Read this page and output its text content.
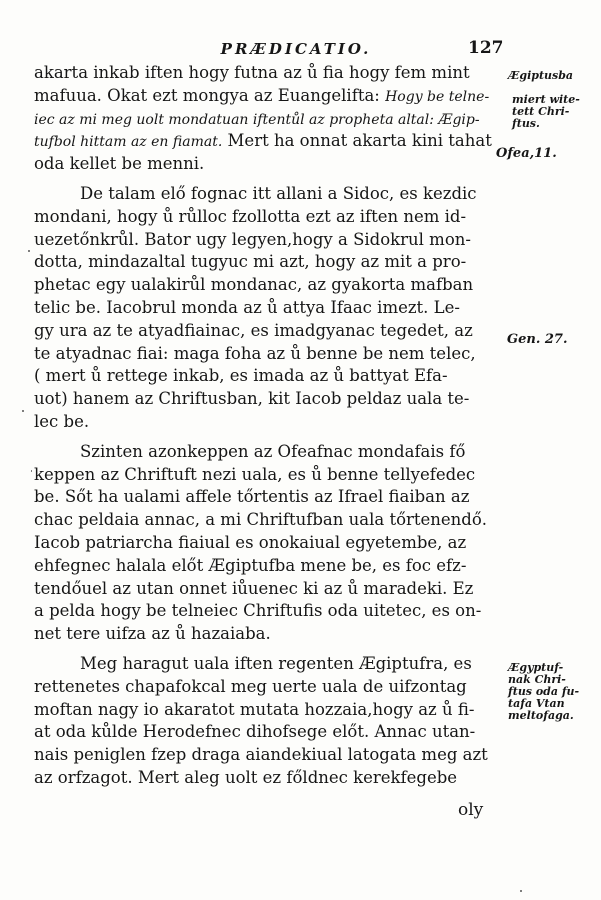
PRÆDICATIO.	127
akarta inkab iften hogy futna az ů fia hogy fem mint
mafuua. Okat ezt mongya az Euangelifta: Hogy be telne-
iec az mi meg uolt mondatuan iftentůl az propheta altal: Ægip-
tufbol hittam az en fiamat. Mert ha onnat akarta kini tahat
oda kellet be menni.
De talam elő fognac itt allani a Sidoc, es kezdic
mondani, hogy ů růlloc fzollotta ezt az iften nem id-
uezetőnkrůl. Bator ugy legyen,hogy a Sidokrul mon-
dotta, mindazaltal tugyuc mi azt, hogy az mit a pro-
phetac egy ualakirůl mondanac, az gyakorta mafban
telic be. Iacobrul monda az ů attya Ifaac imezt. Le-
gy ura az te atyadfiainac, es imadgyanac tegedet, az
te atyadnac fiai: maga foha az ů benne be nem telec,
( mert ů rettege inkab, es imada az ů battyat Efa-
uot) hanem az Chriftusban, kit Iacob peldaz uala te-
lec be.
Szinten azonkeppen az Ofeafnac mondafais fő
keppen az Chriftuft nezi uala, es ů benne tellyefedec
be. Sőt ha ualami affele tőrtentis az Ifrael fiaiban az
chac peldaia annac, a mi Chriftufban uala tőrtenendő.
Iacob patriarcha fiaiual es onokaiual egyetembe, az
ehfegnec halala előt Ægiptufba mene be, es foc efz-
tendőuel az utan onnet iůuenec ki az ů maradeki. Ez
a pelda hogy be telneiec Chriftufis oda uitetec, es on-
net tere uifza az ů hazaiaba.
Meg haragut uala iften regenten Ægiptufra, es
rettenetes chapafokcal meg uerte uala de uifzontag
moftan nagy io akaratot mutata hozzaia,hogy az ů fi-
at oda kůlde Herodefnec dihofsege előt. Annac utan-
nais peniglen fzep draga aiandekiual latogata meg azt
az orfzagot. Mert aleg uolt ez főldnec kerekfegebe
oly
Ægiptusba
miert wite-
tett Chri-
ftus.
Ofea,11.
Gen. 27.
Ægyptuf-
nak Chri-
ftus oda fu-
tafa Vtan
meltofaga.
